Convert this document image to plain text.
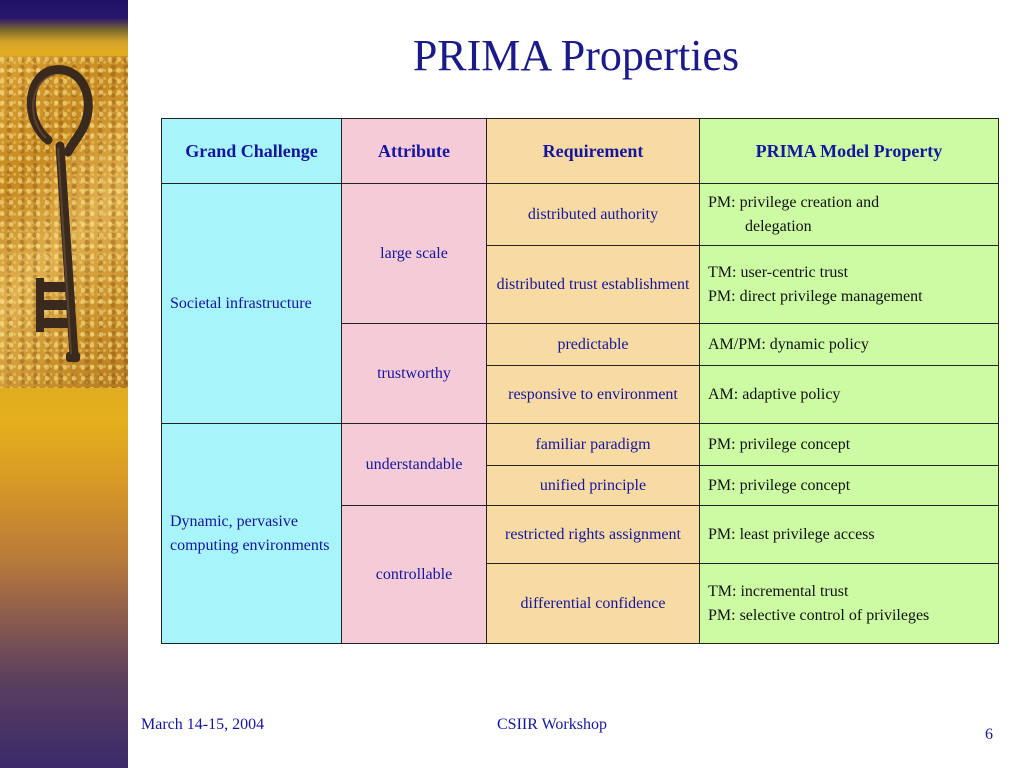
PRIMA Properties
Grand Challenge	Attribute	Requirement	PRIMA Model Property
Societal infrastructure	large scale	distributed authority	PM: privilege creation and
delegation

		distributed trust establishment	TM: user-centric trust
PM: direct privilege management

	trustworthy	predictable	AM/PM: dynamic policy

		responsive to environment	AM: adaptive policy

Dynamic, pervasive computing environments	understandable	familiar paradigm	PM: privilege concept

		unified principle	PM: privilege concept

	controllable	restricted rights assignment	PM: least privilege access

		differential confidence	TM: incremental trust
PM: selective control of privileges
March 14-15, 2004	CSIIR Workshop
6
